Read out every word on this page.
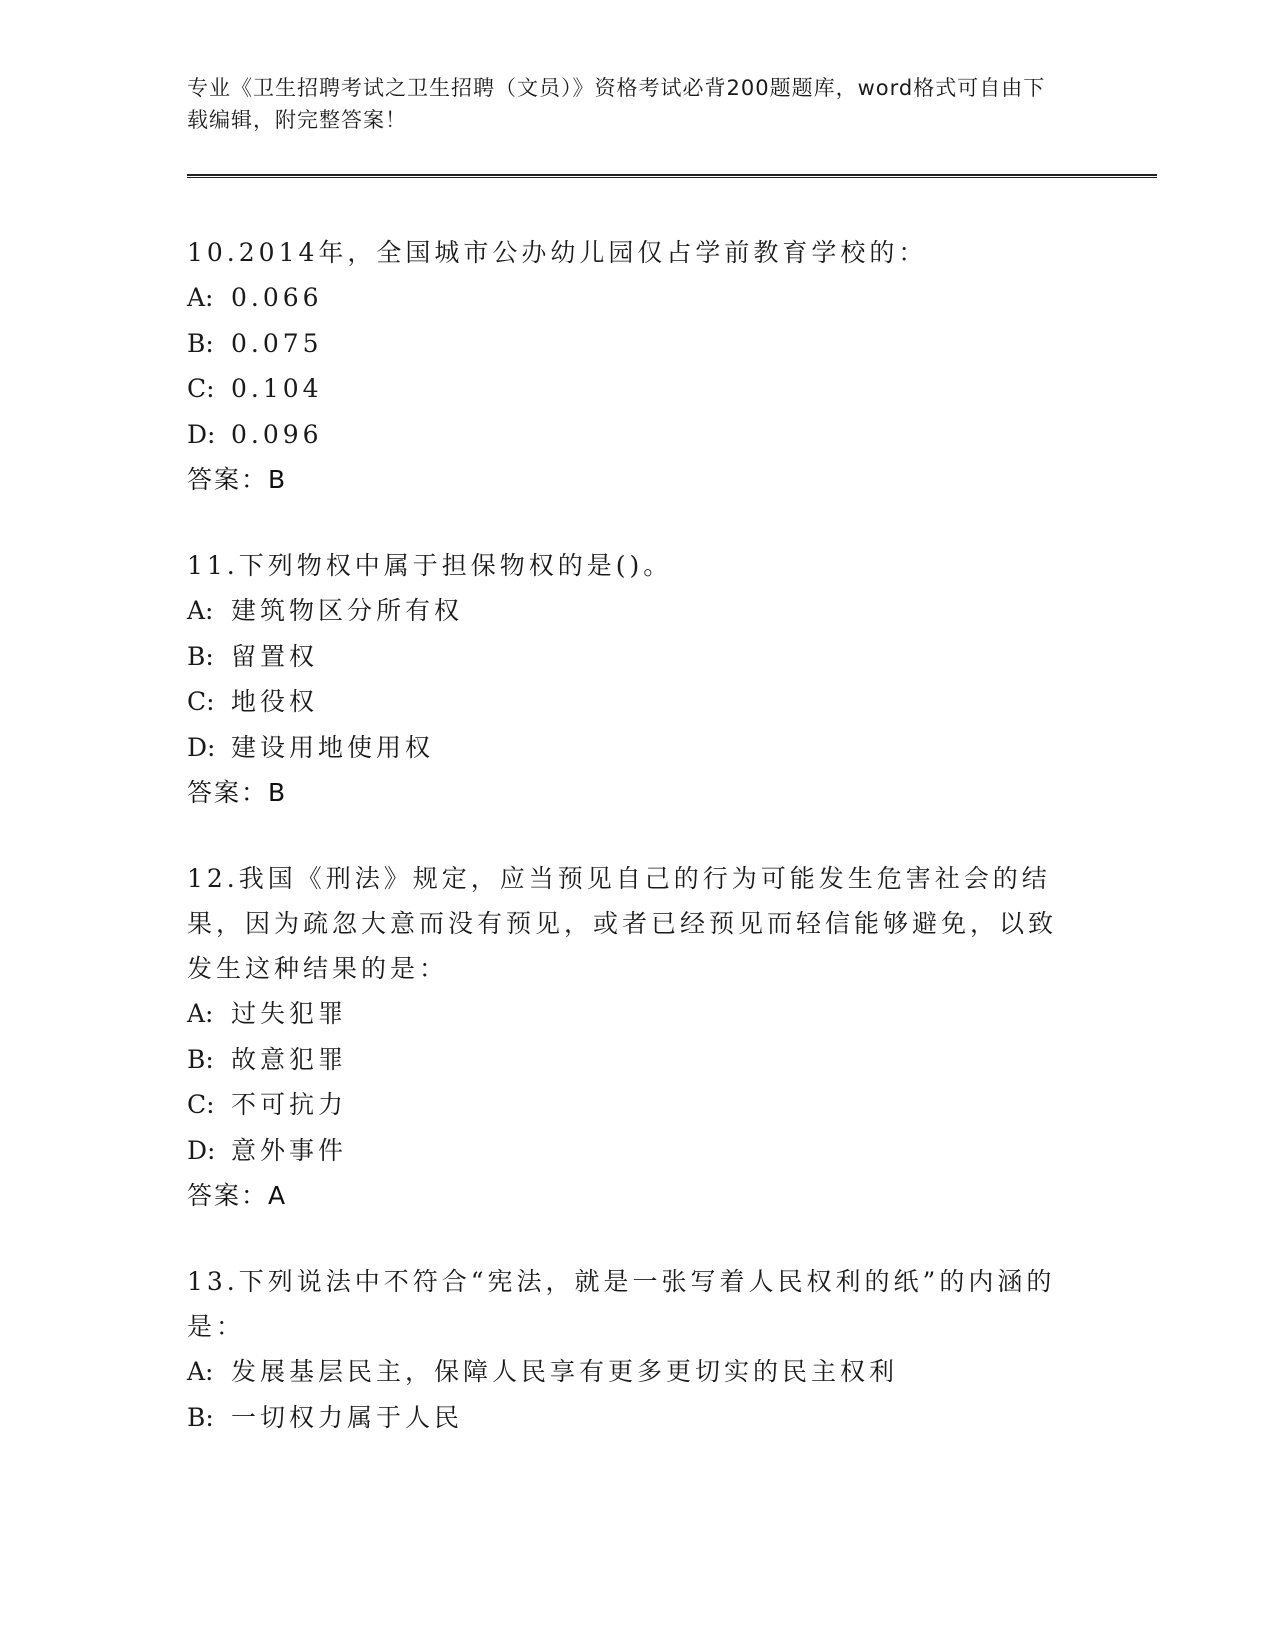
专业《卫生招聘考试之卫生招聘（文员）》资格考试必背200题题库，word格式可自由下载编辑，附完整答案！
10.2014年，全国城市公办幼儿园仅占学前教育学校的：
A: 0.066
B: 0.075
C: 0.104
D: 0.096
答案：B
11.下列物权中属于担保物权的是()。
A: 建筑物区分所有权
B: 留置权
C: 地役权
D: 建设用地使用权
答案：B
12.我国《刑法》规定，应当预见自己的行为可能发生危害社会的结果，因为疏忽大意而没有预见，或者已经预见而轻信能够避免，以致发生这种结果的是：
A: 过失犯罪
B: 故意犯罪
C: 不可抗力
D: 意外事件
答案：A
13.下列说法中不符合“宪法，就是一张写着人民权利的纸”的内涵的是：
A: 发展基层民主，保障人民享有更多更切实的民主权利
B: 一切权力属于人民
